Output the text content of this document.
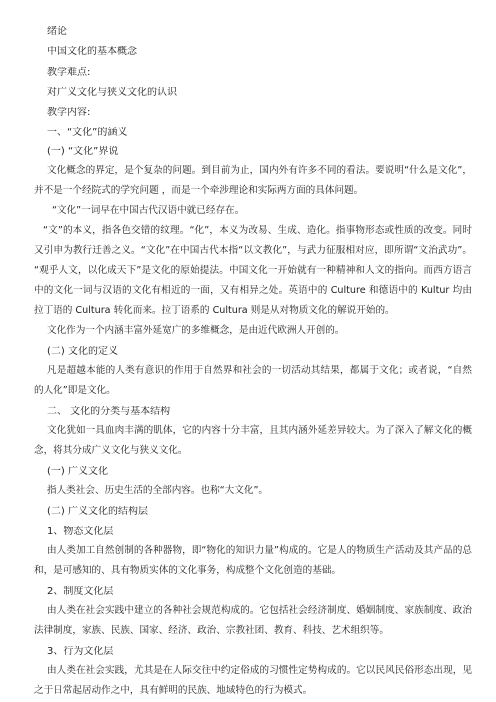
绪论
中国文化的基本概念
教学难点:
对广义文化与狭义文化的认识
教学内容:
一、“文化”的涵义
(一) “文化”界说

文化概念的界定，是个复杂的问题。到目前为止，国内外有许多不同的看法。要说明“什么是文化”，并不是一个经院式的学究问题 ，而是一个牵涉理论和实际两方面的具体问题。

“文化”一词早在中国古代汉语中就已经存在。

“文”的本义，指各色交错的纹理。“化”，本义为改易、生成、造化。指事物形态或性质的改变。同时又引申为教行迁善之义。“文化”在中国古代本指“以文教化”，与武力征服相对应，即所谓“文治武功”。 “观乎人文，以化成天下”是文化的原始提法。中国文化一开始就有一种精神和人文的指向。而西方语言中的文化一词与汉语的文化有相近的一面，又有相异之处。英语中的 Culture 和德语中的 Kultur 均由拉丁语的 Cultura 转化而来。拉丁语系的 Cultura 则是从对物质文化的解说开始的。

文化作为一个内涵丰富外延宽广的多维概念，是由近代欧洲人开创的。

(二) 文化的定义

凡是超越本能的人类有意识的作用于自然界和社会的一切活动其结果，都属于文化；或者说，“自然的人化”即是文化。

二、 文化的分类与基本结构

文化犹如一具血肉丰满的肌体，它的内容十分丰富，且其内涵外延差异较大。为了深入了解文化的概念，将其分成广义文化与狭义文化。

(一) 广义文化

指人类社会、历史生活的全部内容。也称“大文化”。

(二) 广义文化的结构层
1、物态文化层

由人类加工自然创制的各种器物，即“物化的知识力量”构成的。它是人的物质生产活动及其产品的总和，是可感知的、具有物质实体的文化事务，构成整个文化创造的基础。

2、制度文化层

由人类在社会实践中建立的各种社会规范构成的。它包括社会经济制度、婚姻制度、家族制度、政治法律制度，家族、民族、国家、经济、政治、宗教社团、教育、科技、艺术组织等。

3、行为文化层

由人类在社会实践，尤其是在人际交往中约定俗成的习惯性定势构成的。它以民风民俗形态出现，见之于日常起居动作之中，具有鲜明的民族、地域特色的行为模式。
